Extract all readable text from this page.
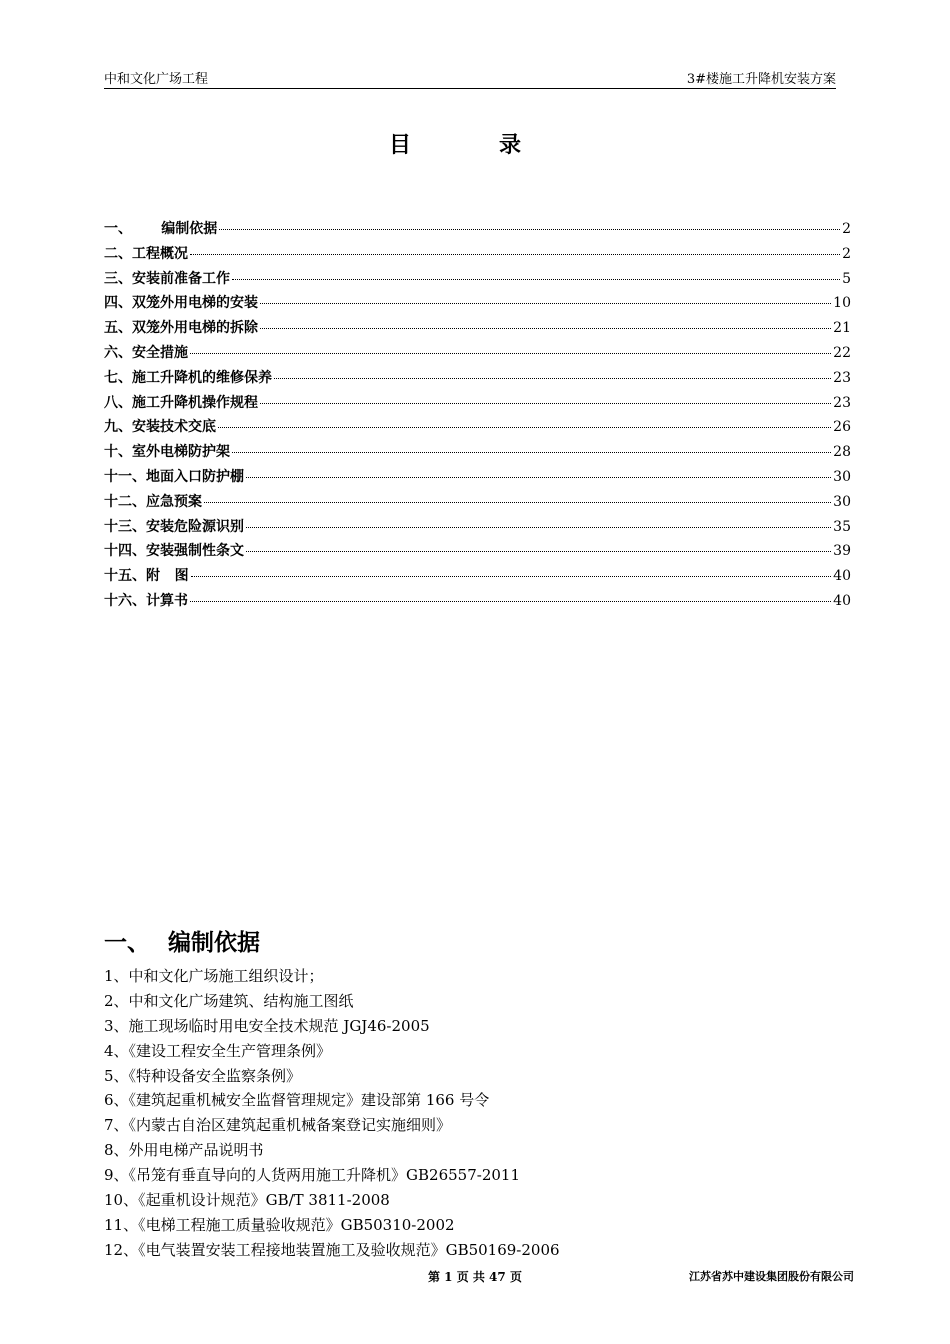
中和文化广场工程	3#楼施工升降机安装方案
目录
一、      编制依据	2
二、工程概况	2
三、安装前准备工作	5
四、双笼外用电梯的安装	10
五、双笼外用电梯的拆除	21
六、安全措施	22
七、施工升降机的维修保养	23
八、施工升降机操作规程	23
九、安装技术交底	26
十、室外电梯防护架	28
十一、地面入口防护棚	30
十二、应急预案	30
十三、安装危险源识别	35
十四、安装强制性条文	39
十五、附   图	40
十六、计算书	40
一、 编制依据
1、中和文化广场施工组织设计；
2、中和文化广场建筑、结构施工图纸
3、施工现场临时用电安全技术规范 JGJ46-2005
4、《建设工程安全生产管理条例》
5、《特种设备安全监察条例》
6、《建筑起重机械安全监督管理规定》建设部第 166 号令
7、《内蒙古自治区建筑起重机械备案登记实施细则》
8、外用电梯产品说明书
9、《吊笼有垂直导向的人货两用施工升降机》GB26557-2011
10、《起重机设计规范》GB/T 3811-2008
11、《电梯工程施工质量验收规范》GB50310-2002
12、《电气装置安装工程接地装置施工及验收规范》GB50169-2006
第 1 页 共 47 页	江苏省苏中建设集团股份有限公司
